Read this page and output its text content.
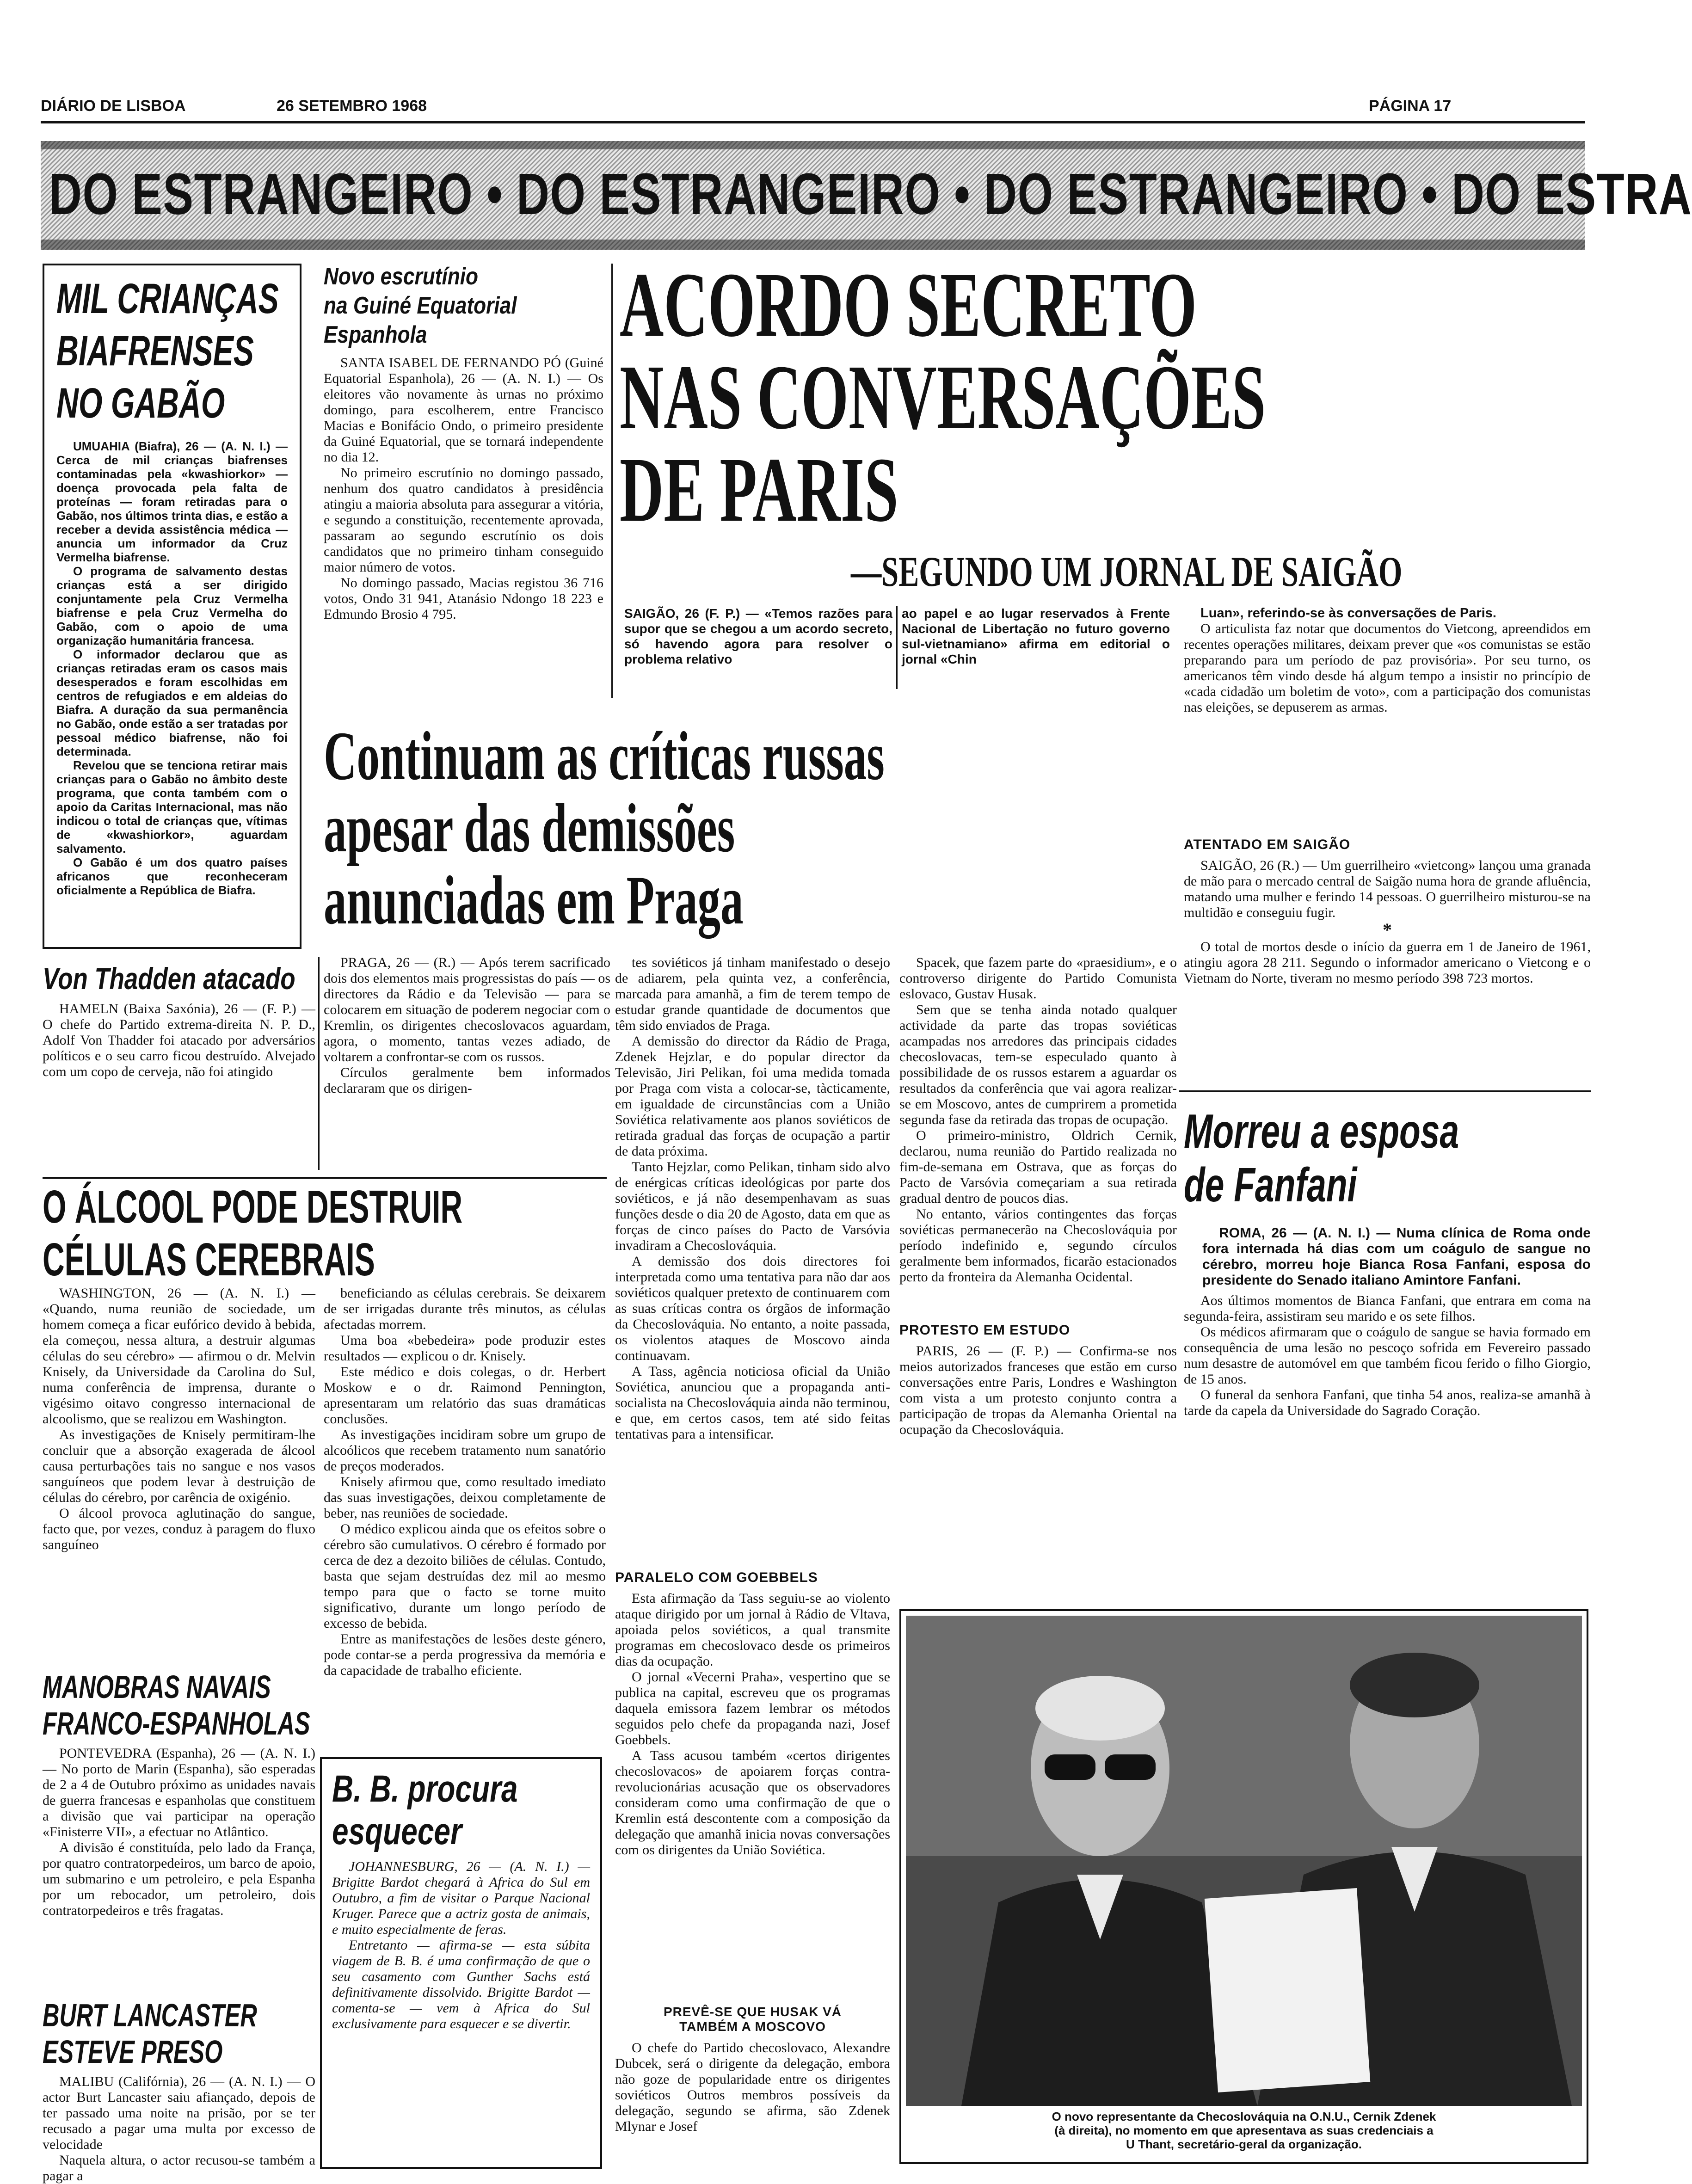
DIÁRIO DE LISBOA	26 SETEMBRO 1968	PÁGINA 17
DO ESTRANGEIRO • DO ESTRANGEIRO • DO ESTRANGEIRO • DO ESTRA
MIL CRIANÇAS
BIAFRENSES
NO GABÃO

UMUAHIA (Biafra), 26 — (A. N. I.) — Cerca de mil crianças biafrenses contaminadas pela «kwashiorkor» — doença provocada pela falta de proteínas — foram retiradas para o Gabão, nos últimos trinta dias, e estão a receber a devida assistência médica — anuncia um informador da Cruz Vermelha biafrense.

O programa de salvamento destas crianças está a ser dirigido conjuntamente pela Cruz Vermelha biafrense e pela Cruz Vermelha do Gabão, com o apoio de uma organização humanitária francesa.

O informador declarou que as crianças retiradas eram os casos mais desesperados e foram escolhidas em centros de refugiados e em aldeias do Biafra. A duração da sua permanência no Gabão, onde estão a ser tratadas por pessoal médico biafrense, não foi determinada.

Revelou que se tenciona retirar mais crianças para o Gabão no âmbito deste programa, que conta também com o apoio da Caritas Internacional, mas não indicou o total de crianças que, vítimas de «kwashiorkor», aguardam salvamento.

O Gabão é um dos quatro países africanos que reconheceram oficialmente a República de Biafra.

Novo escrutínio
na Guiné Equatorial
Espanhola

SANTA ISABEL DE FERNANDO PÓ (Guiné Equatorial Espanhola), 26 — (A. N. I.) — Os eleitores vão novamente às urnas no próximo domingo, para escolherem, entre Francisco Macias e Bonifácio Ondo, o primeiro presidente da Guiné Equatorial, que se tornará independente no dia 12.

No primeiro escrutínio no domingo passado, nenhum dos quatro candidatos à presidência atingiu a maioria absoluta para assegurar a vitória, e segundo a constituição, recentemente aprovada, passaram ao segundo escrutínio os dois candidatos que no primeiro tinham conseguido maior número de votos.

No domingo passado, Macias registou 36 716 votos, Ondo 31 941, Atanásio Ndongo 18 223 e Edmundo Brosio 4 795.

ACORDO SECRETO
NAS CONVERSAÇÕES
DE PARIS
—SEGUNDO UM JORNAL DE SAIGÃO
SAIGÃO, 26 (F. P.) — «Temos razões para supor que se chegou a um acordo secreto, só havendo agora para resolver o problema relativo
ao papel e ao lugar reservados à Frente Nacional de Libertação no futuro governo sul-vietnamiano» afirma em editorial o jornal «Chin

Luan», referindo-se às conversações de Paris.

O articulista faz notar que documentos do Vietcong, apreendidos em recentes operações militares, deixam prever que «os comunistas se estão preparando para um período de paz provisória». Por seu turno, os americanos têm vindo desde há algum tempo a insistir no princípio de «cada cidadão um boletim de voto», com a participação dos comunistas nas eleições, se depuserem as armas.

ATENTADO EM SAIGÃO

SAIGÃO, 26 (R.) — Um guerrilheiro «vietcong» lançou uma granada de mão para o mercado central de Saigão numa hora de grande afluência, matando uma mulher e ferindo 14 pessoas. O guerrilheiro misturou-se na multidão e conseguiu fugir.

*

O total de mortos desde o início da guerra em 1 de Janeiro de 1961, atingiu agora 28 211. Segundo o informador americano o Vietcong e o Vietnam do Norte, tiveram no mesmo período 398 723 mortos.

Continuam as críticas russas
apesar das demissões
anunciadas em Praga
Von Thadden atacado

HAMELN (Baixa Saxónia), 26 — (F. P.) — O chefe do Partido extrema-direita N. P. D., Adolf Von Thadder foi atacado por adversários políticos e o seu carro ficou destruído. Alvejado com um copo de cerveja, não foi atingido

PRAGA, 26 — (R.) — Após terem sacrificado dois dos elementos mais progressistas do país — os directores da Rádio e da Televisão — para se colocarem em situação de poderem negociar com o Kremlin, os dirigentes checoslovacos aguardam, agora, o momento, tantas vezes adiado, de voltarem a confrontar-se com os russos.

Círculos geralmente bem informados declararam que os dirigen-

tes soviéticos já tinham manifestado o desejo de adiarem, pela quinta vez, a conferência, marcada para amanhã, a fim de terem tempo de estudar grande quantidade de documentos que têm sido enviados de Praga.

A demissão do director da Rádio de Praga, Zdenek Hejzlar, e do popular director da Televisão, Jiri Pelikan, foi uma medida tomada por Praga com vista a colocar-se, tàcticamente, em igualdade de circunstâncias com a União Soviética relativamente aos planos soviéticos de retirada gradual das forças de ocupação a partir de data próxima.

Tanto Hejzlar, como Pelikan, tinham sido alvo de enérgicas críticas ideológicas por parte dos soviéticos, e já não desempenhavam as suas funções desde o dia 20 de Agosto, data em que as forças de cinco países do Pacto de Varsóvia invadiram a Checoslováquia.

A demissão dos dois directores foi interpretada como uma tentativa para não dar aos soviéticos qualquer pretexto de continuarem com as suas críticas contra os órgãos de informação da Checoslováquia. No entanto, a noite passada, os violentos ataques de Moscovo ainda continuavam.

A Tass, agência noticiosa oficial da União Soviética, anunciou que a propaganda anti-socialista na Checoslováquia ainda não terminou, e que, em certos casos, tem até sido feitas tentativas para a intensificar.

Spacek, que fazem parte do «praesidium», e o controverso dirigente do Partido Comunista eslovaco, Gustav Husak.

Sem que se tenha ainda notado qualquer actividade da parte das tropas soviéticas acampadas nos arredores das principais cidades checoslovacas, tem-se especulado quanto à possibilidade de os russos estarem a aguardar os resultados da conferência que vai agora realizar-se em Moscovo, antes de cumprirem a prometida segunda fase da retirada das tropas de ocupação.

O primeiro-ministro, Oldrich Cernik, declarou, numa reunião do Partido realizada no fim-de-semana em Ostrava, que as forças do Pacto de Varsóvia começariam a sua retirada gradual dentro de poucos dias.

No entanto, vários contingentes das forças soviéticas permanecerão na Checoslováquia por período indefinido e, segundo círculos geralmente bem informados, ficarão estacionados perto da fronteira da Alemanha Ocidental.

PROTESTO EM ESTUDO

PARIS, 26 — (F. P.) — Confirma-se nos meios autorizados franceses que estão em curso conversações entre Paris, Londres e Washington com vista a um protesto conjunto contra a participação de tropas da Alemanha Oriental na ocupação da Checoslováquia.

O ÁLCOOL PODE DESTRUIR
CÉLULAS CEREBRAIS

WASHINGTON, 26 — (A. N. I.) — «Quando, numa reunião de sociedade, um homem começa a ficar eufórico devido à bebida, ela começou, nessa altura, a destruir algumas células do seu cérebro» — afirmou o dr. Melvin Knisely, da Universidade da Carolina do Sul, numa conferência de imprensa, durante o vigésimo oitavo congresso internacional de alcoolismo, que se realizou em Washington.

As investigações de Knisely permitiram-lhe concluir que a absorção exagerada de álcool causa perturbações tais no sangue e nos vasos sanguíneos que podem levar à destruição de células do cérebro, por carência de oxigénio.

O álcool provoca aglutinação do sangue, facto que, por vezes, conduz à paragem do fluxo sanguíneo

beneficiando as células cerebrais. Se deixarem de ser irrigadas durante três minutos, as células afectadas morrem.

Uma boa «bebedeira» pode produzir estes resultados — explicou o dr. Knisely.

Este médico e dois colegas, o dr. Herbert Moskow e o dr. Raimond Pennington, apresentaram um relatório das suas dramáticas conclusões.

As investigações incidiram sobre um grupo de alcoólicos que recebem tratamento num sanatório de preços moderados.

Knisely afirmou que, como resultado imediato das suas investigações, deixou completamente de beber, nas reuniões de sociedade.

O médico explicou ainda que os efeitos sobre o cérebro são cumulativos. O cérebro é formado por cerca de dez a dezoito biliões de células. Contudo, basta que sejam destruídas dez mil ao mesmo tempo para que o facto se torne muito significativo, durante um longo período de excesso de bebida.

Entre as manifestações de lesões deste género, pode contar-se a perda progressiva da memória e da capacidade de trabalho eficiente.

MANOBRAS NAVAIS
FRANCO-ESPANHOLAS

PONTEVEDRA (Espanha), 26 — (A. N. I.) — No porto de Marin (Espanha), são esperadas de 2 a 4 de Outubro próximo as unidades navais de guerra francesas e espanholas que constituem a divisão que vai participar na operação «Finisterre VII», a efectuar no Atlântico.

A divisão é constituída, pelo lado da França, por quatro contratorpedeiros, um barco de apoio, um submarino e um petroleiro, e pela Espanha por um rebocador, um petroleiro, dois contratorpedeiros e três fragatas.

BURT LANCASTER
ESTEVE PRESO

MALIBU (Califórnia), 26 — (A. N. I.) — O actor Burt Lancaster saiu afiançado, depois de ter passado uma noite na prisão, por se ter recusado a pagar uma multa por excesso de velocidade

Naquela altura, o actor recusou-se também a pagar a

B. B. procura
esquecer

JOHANNESBURG, 26 — (A. N. I.) — Brigitte Bardot chegará à Africa do Sul em Outubro, a fim de visitar o Parque Nacional Kruger. Parece que a actriz gosta de animais, e muito especialmente de feras.

Entretanto — afirma-se — esta súbita viagem de B. B. é uma confirmação de que o seu casamento com Gunther Sachs está definitivamente dissolvido. Brigitte Bardot — comenta-se — vem à Africa do Sul exclusivamente para esquecer e se divertir.

PARALELO COM GOEBBELS

Esta afirmação da Tass seguiu-se ao violento ataque dirigido por um jornal à Rádio de Vltava, apoiada pelos soviéticos, a qual transmite programas em checoslovaco desde os primeiros dias da ocupação.

O jornal «Vecerni Praha», vespertino que se publica na capital, escreveu que os programas daquela emissora fazem lembrar os métodos seguidos pelo chefe da propaganda nazi, Josef Goebbels.

A Tass acusou também «certos dirigentes checoslovacos» de apoiarem forças contra-revolucionárias acusação que os observadores consideram como uma confirmação de que o Kremlin está descontente com a composição da delegação que amanhã inicia novas conversações com os dirigentes da União Soviética.

PREVÊ-SE QUE HUSAK VÁ
TAMBÉM A MOSCOVO

O chefe do Partido checoslovaco, Alexandre Dubcek, será o dirigente da delegação, embora não goze de popularidade entre os dirigentes soviéticos Outros membros possíveis da delegação, segundo se afirma, são Zdenek Mlynar e Josef

Morreu a esposa
de Fanfani

ROMA, 26 — (A. N. I.) — Numa clínica de Roma onde fora internada há dias com um coágulo de sangue no cérebro, morreu hoje Bianca Rosa Fanfani, esposa do presidente do Senado italiano Amintore Fanfani.

Aos últimos momentos de Bianca Fanfani, que entrara em coma na segunda-feira, assistiram seu marido e os sete filhos.

Os médicos afirmaram que o coágulo de sangue se havia formado em consequência de uma lesão no pescoço sofrida em Fevereiro passado num desastre de automóvel em que também ficou ferido o filho Giorgio, de 15 anos.

O funeral da senhora Fanfani, que tinha 54 anos, realiza-se amanhã à tarde da capela da Universidade do Sagrado Coração.

O novo representante da Checoslováquia na O.N.U., Cernik Zdenek
(à direita), no momento em que apresentava as suas credenciais a
U Thant, secretário-geral da organização.
